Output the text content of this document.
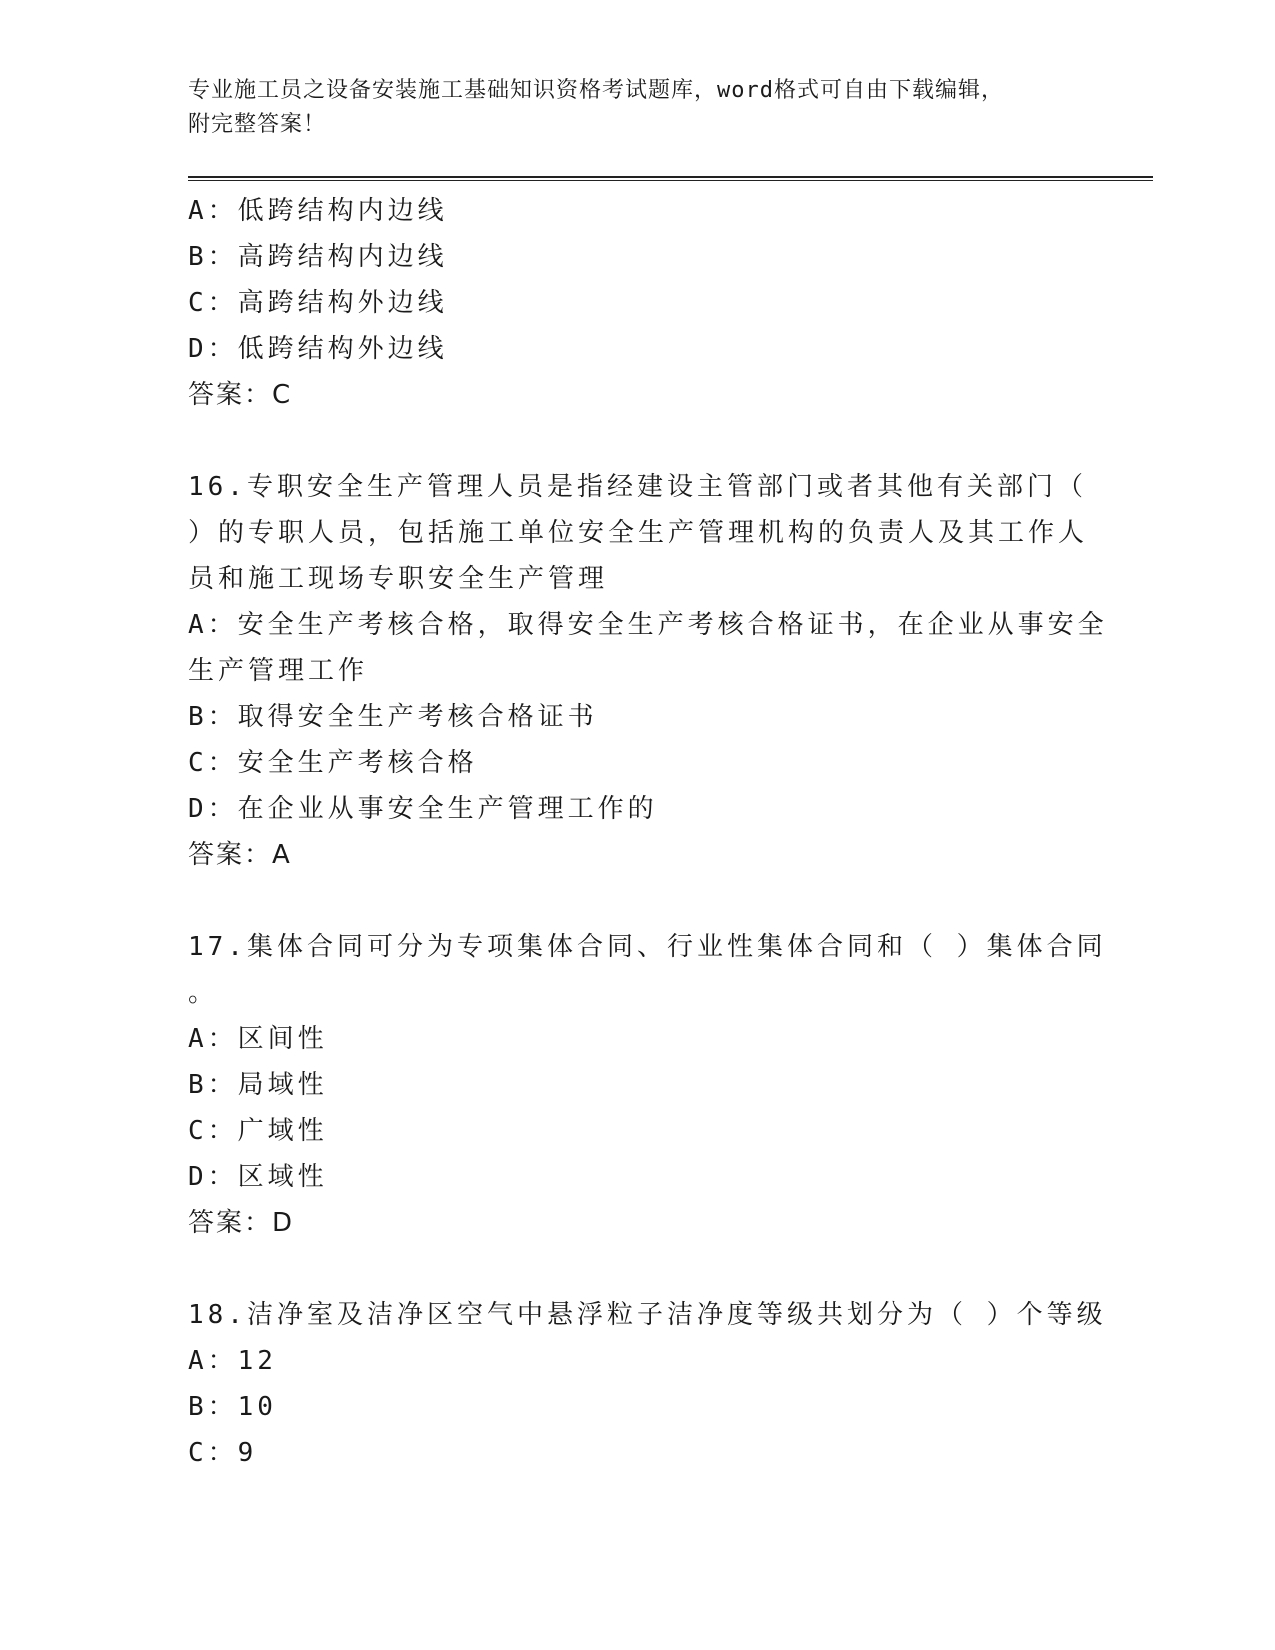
专业施工员之设备安装施工基础知识资格考试题库，word格式可自由下载编辑，
附完整答案！
A：低跨结构内边线
B：高跨结构内边线
C：高跨结构外边线
D：低跨结构外边线
答案：C
16.专职安全生产管理人员是指经建设主管部门或者其他有关部门（
）的专职人员，包括施工单位安全生产管理机构的负责人及其工作人
员和施工现场专职安全生产管理
A：安全生产考核合格，取得安全生产考核合格证书，在企业从事安全
生产管理工作
B：取得安全生产考核合格证书
C：安全生产考核合格
D：在企业从事安全生产管理工作的
答案：A
17.集体合同可分为专项集体合同、行业性集体合同和（ ）集体合同
。
A：区间性
B：局域性
C：广域性
D：区域性
答案：D
18.洁净室及洁净区空气中悬浮粒子洁净度等级共划分为（ ）个等级
A：12
B：10
C：9
